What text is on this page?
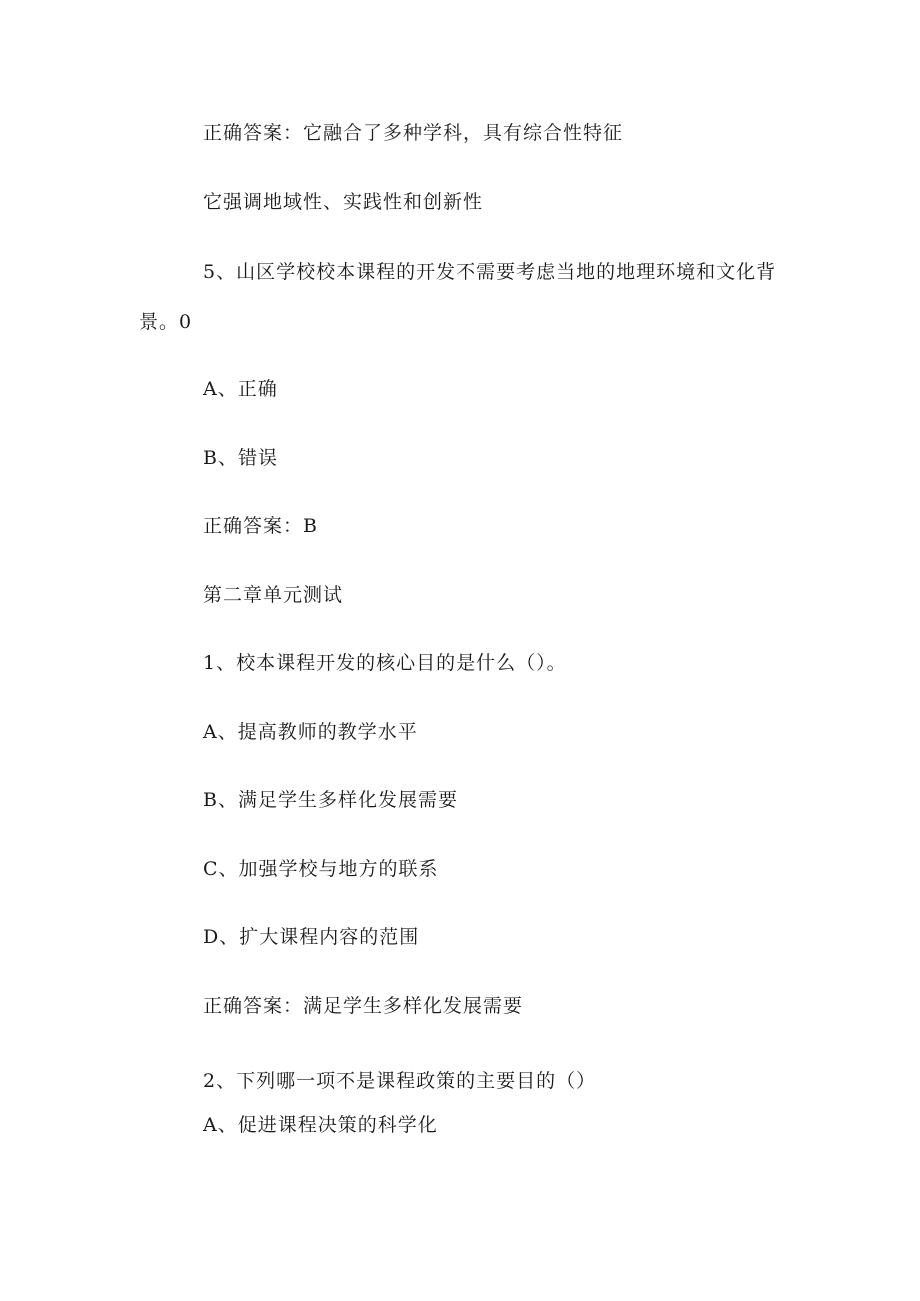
正确答案：它融合了多种学科，具有综合性特征
它强调地域性、实践性和创新性
5、山区学校校本课程的开发不需要考虑当地的地理环境和文化背
景。0
A、正确
B、错误
正确答案：B
第二章单元测试
1、校本课程开发的核心目的是什么（）。
A、提高教师的教学水平
B、满足学生多样化发展需要
C、加强学校与地方的联系
D、扩大课程内容的范围
正确答案：满足学生多样化发展需要
2、下列哪一项不是课程政策的主要目的（）
A、促进课程决策的科学化
